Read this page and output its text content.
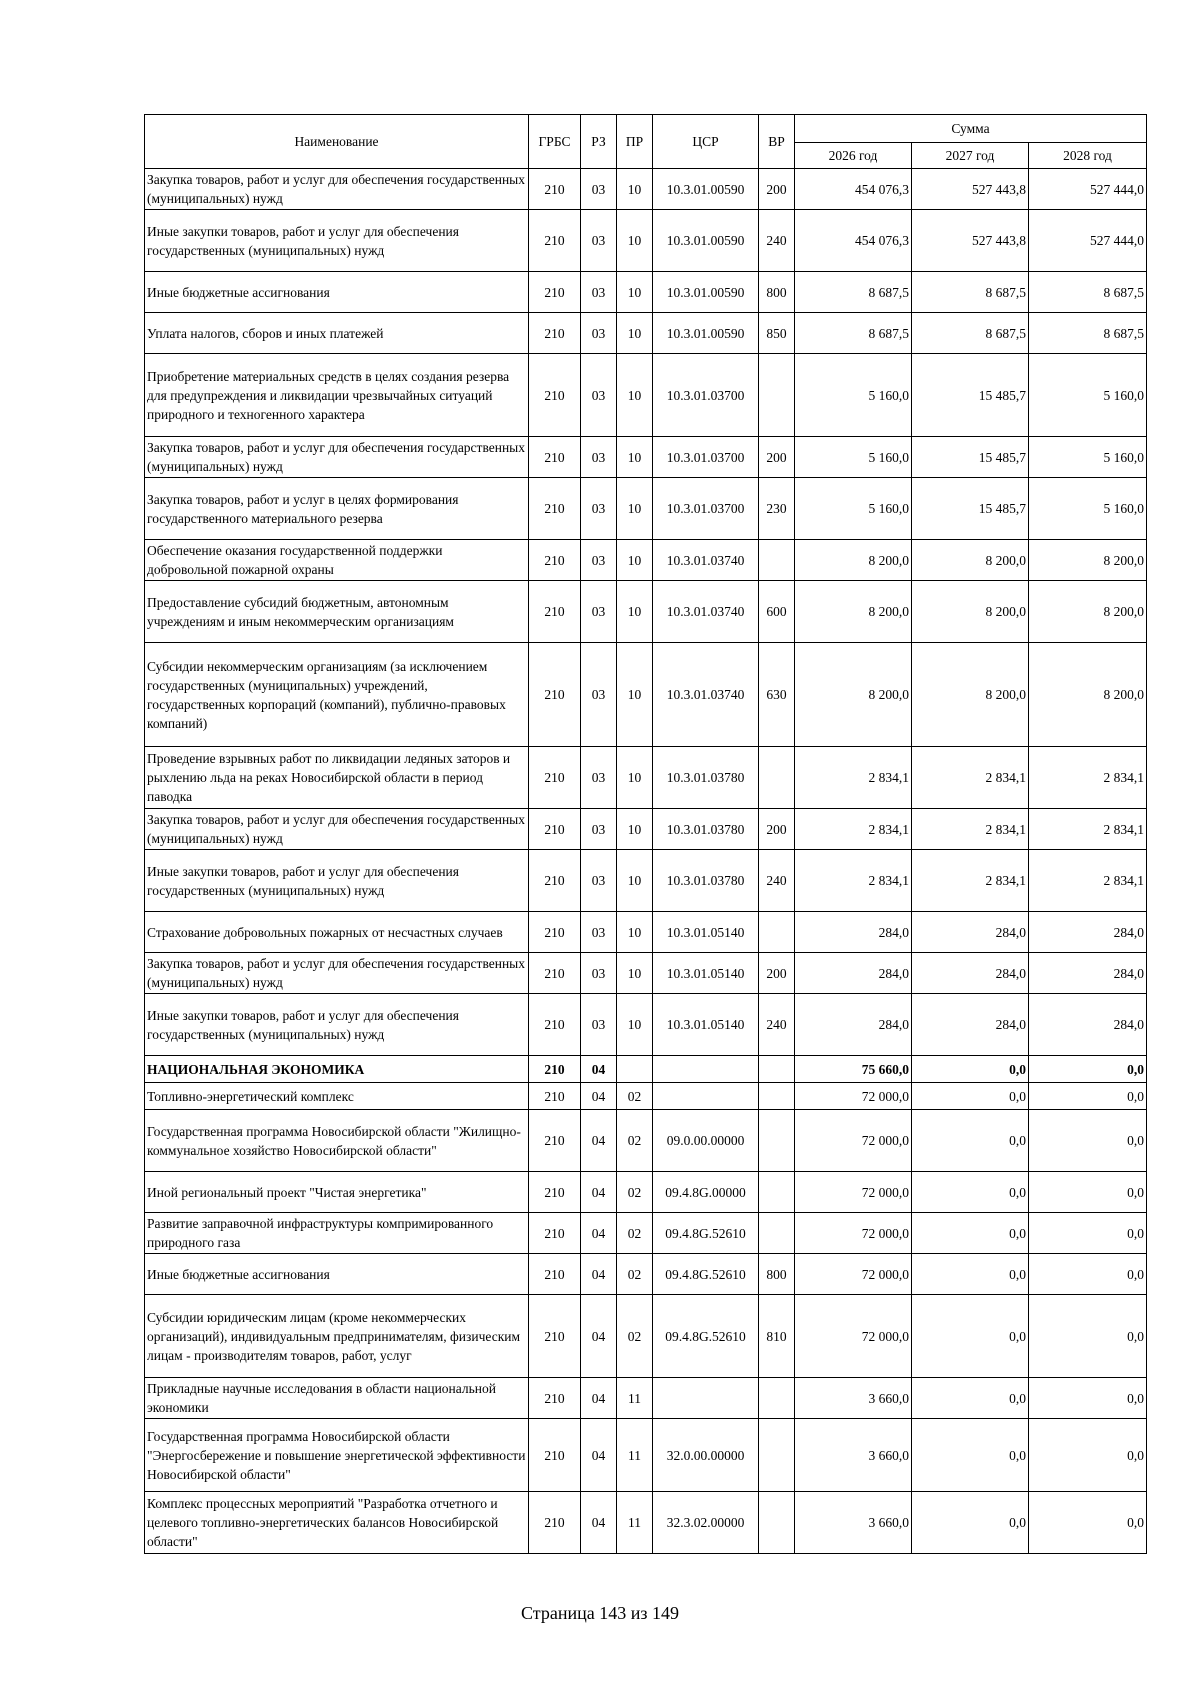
Наименование	ГРБС	РЗ	ПР	ЦСР	ВР	Сумма		
						2026 год	2027 год	2028 год
Закупка товаров, работ и услуг для обеспечения государственных (муниципальных) нужд	210	03	10	10.3.01.00590	200	454 076,3	527 443,8	527 444,0
Иные закупки товаров, работ и услуг для обеспечения государственных (муниципальных) нужд	210	03	10	10.3.01.00590	240	454 076,3	527 443,8	527 444,0
Иные бюджетные ассигнования	210	03	10	10.3.01.00590	800	8 687,5	8 687,5	8 687,5
Уплата налогов, сборов и иных платежей	210	03	10	10.3.01.00590	850	8 687,5	8 687,5	8 687,5
Приобретение материальных средств в целях создания резерва для предупреждения и ликвидации чрезвычайных ситуаций природного и техногенного характера	210	03	10	10.3.01.03700		5 160,0	15 485,7	5 160,0
Закупка товаров, работ и услуг для обеспечения государственных (муниципальных) нужд	210	03	10	10.3.01.03700	200	5 160,0	15 485,7	5 160,0
Закупка товаров, работ и услуг в целях формирования государственного материального резерва	210	03	10	10.3.01.03700	230	5 160,0	15 485,7	5 160,0
Обеспечение оказания государственной поддержки добровольной пожарной охраны	210	03	10	10.3.01.03740		8 200,0	8 200,0	8 200,0
Предоставление субсидий бюджетным, автономным учреждениям и иным некоммерческим организациям	210	03	10	10.3.01.03740	600	8 200,0	8 200,0	8 200,0
Субсидии некоммерческим организациям (за исключением государственных (муниципальных) учреждений, государственных корпораций (компаний), публично-правовых компаний)	210	03	10	10.3.01.03740	630	8 200,0	8 200,0	8 200,0
Проведение взрывных работ по ликвидации ледяных заторов и рыхлению льда на реках Новосибирской области в период паводка	210	03	10	10.3.01.03780		2 834,1	2 834,1	2 834,1
Закупка товаров, работ и услуг для обеспечения государственных (муниципальных) нужд	210	03	10	10.3.01.03780	200	2 834,1	2 834,1	2 834,1
Иные закупки товаров, работ и услуг для обеспечения государственных (муниципальных) нужд	210	03	10	10.3.01.03780	240	2 834,1	2 834,1	2 834,1
Страхование добровольных пожарных от несчастных случаев	210	03	10	10.3.01.05140		284,0	284,0	284,0
Закупка товаров, работ и услуг для обеспечения государственных (муниципальных) нужд	210	03	10	10.3.01.05140	200	284,0	284,0	284,0
Иные закупки товаров, работ и услуг для обеспечения государственных (муниципальных) нужд	210	03	10	10.3.01.05140	240	284,0	284,0	284,0
НАЦИОНАЛЬНАЯ ЭКОНОМИКА	210	04				75 660,0	0,0	0,0
Топливно-энергетический комплекс	210	04	02			72 000,0	0,0	0,0
Государственная программа Новосибирской области "Жилищно-коммунальное хозяйство Новосибирской области"	210	04	02	09.0.00.00000		72 000,0	0,0	0,0
Иной региональный проект "Чистая энергетика"	210	04	02	09.4.8G.00000		72 000,0	0,0	0,0
Развитие заправочной инфраструктуры компримированного природного газа	210	04	02	09.4.8G.52610		72 000,0	0,0	0,0
Иные бюджетные ассигнования	210	04	02	09.4.8G.52610	800	72 000,0	0,0	0,0
Субсидии юридическим лицам (кроме некоммерческих организаций), индивидуальным предпринимателям, физическим лицам - производителям товаров, работ, услуг	210	04	02	09.4.8G.52610	810	72 000,0	0,0	0,0
Прикладные научные исследования в области национальной экономики	210	04	11			3 660,0	0,0	0,0
Государственная программа Новосибирской области "Энергосбережение и повышение энергетической эффективности Новосибирской области"	210	04	11	32.0.00.00000		3 660,0	0,0	0,0
Комплекс процессных мероприятий "Разработка отчетного и целевого топливно-энергетических балансов Новосибирской области"	210	04	11	32.3.02.00000		3 660,0	0,0	0,0
Страница 143 из 149
